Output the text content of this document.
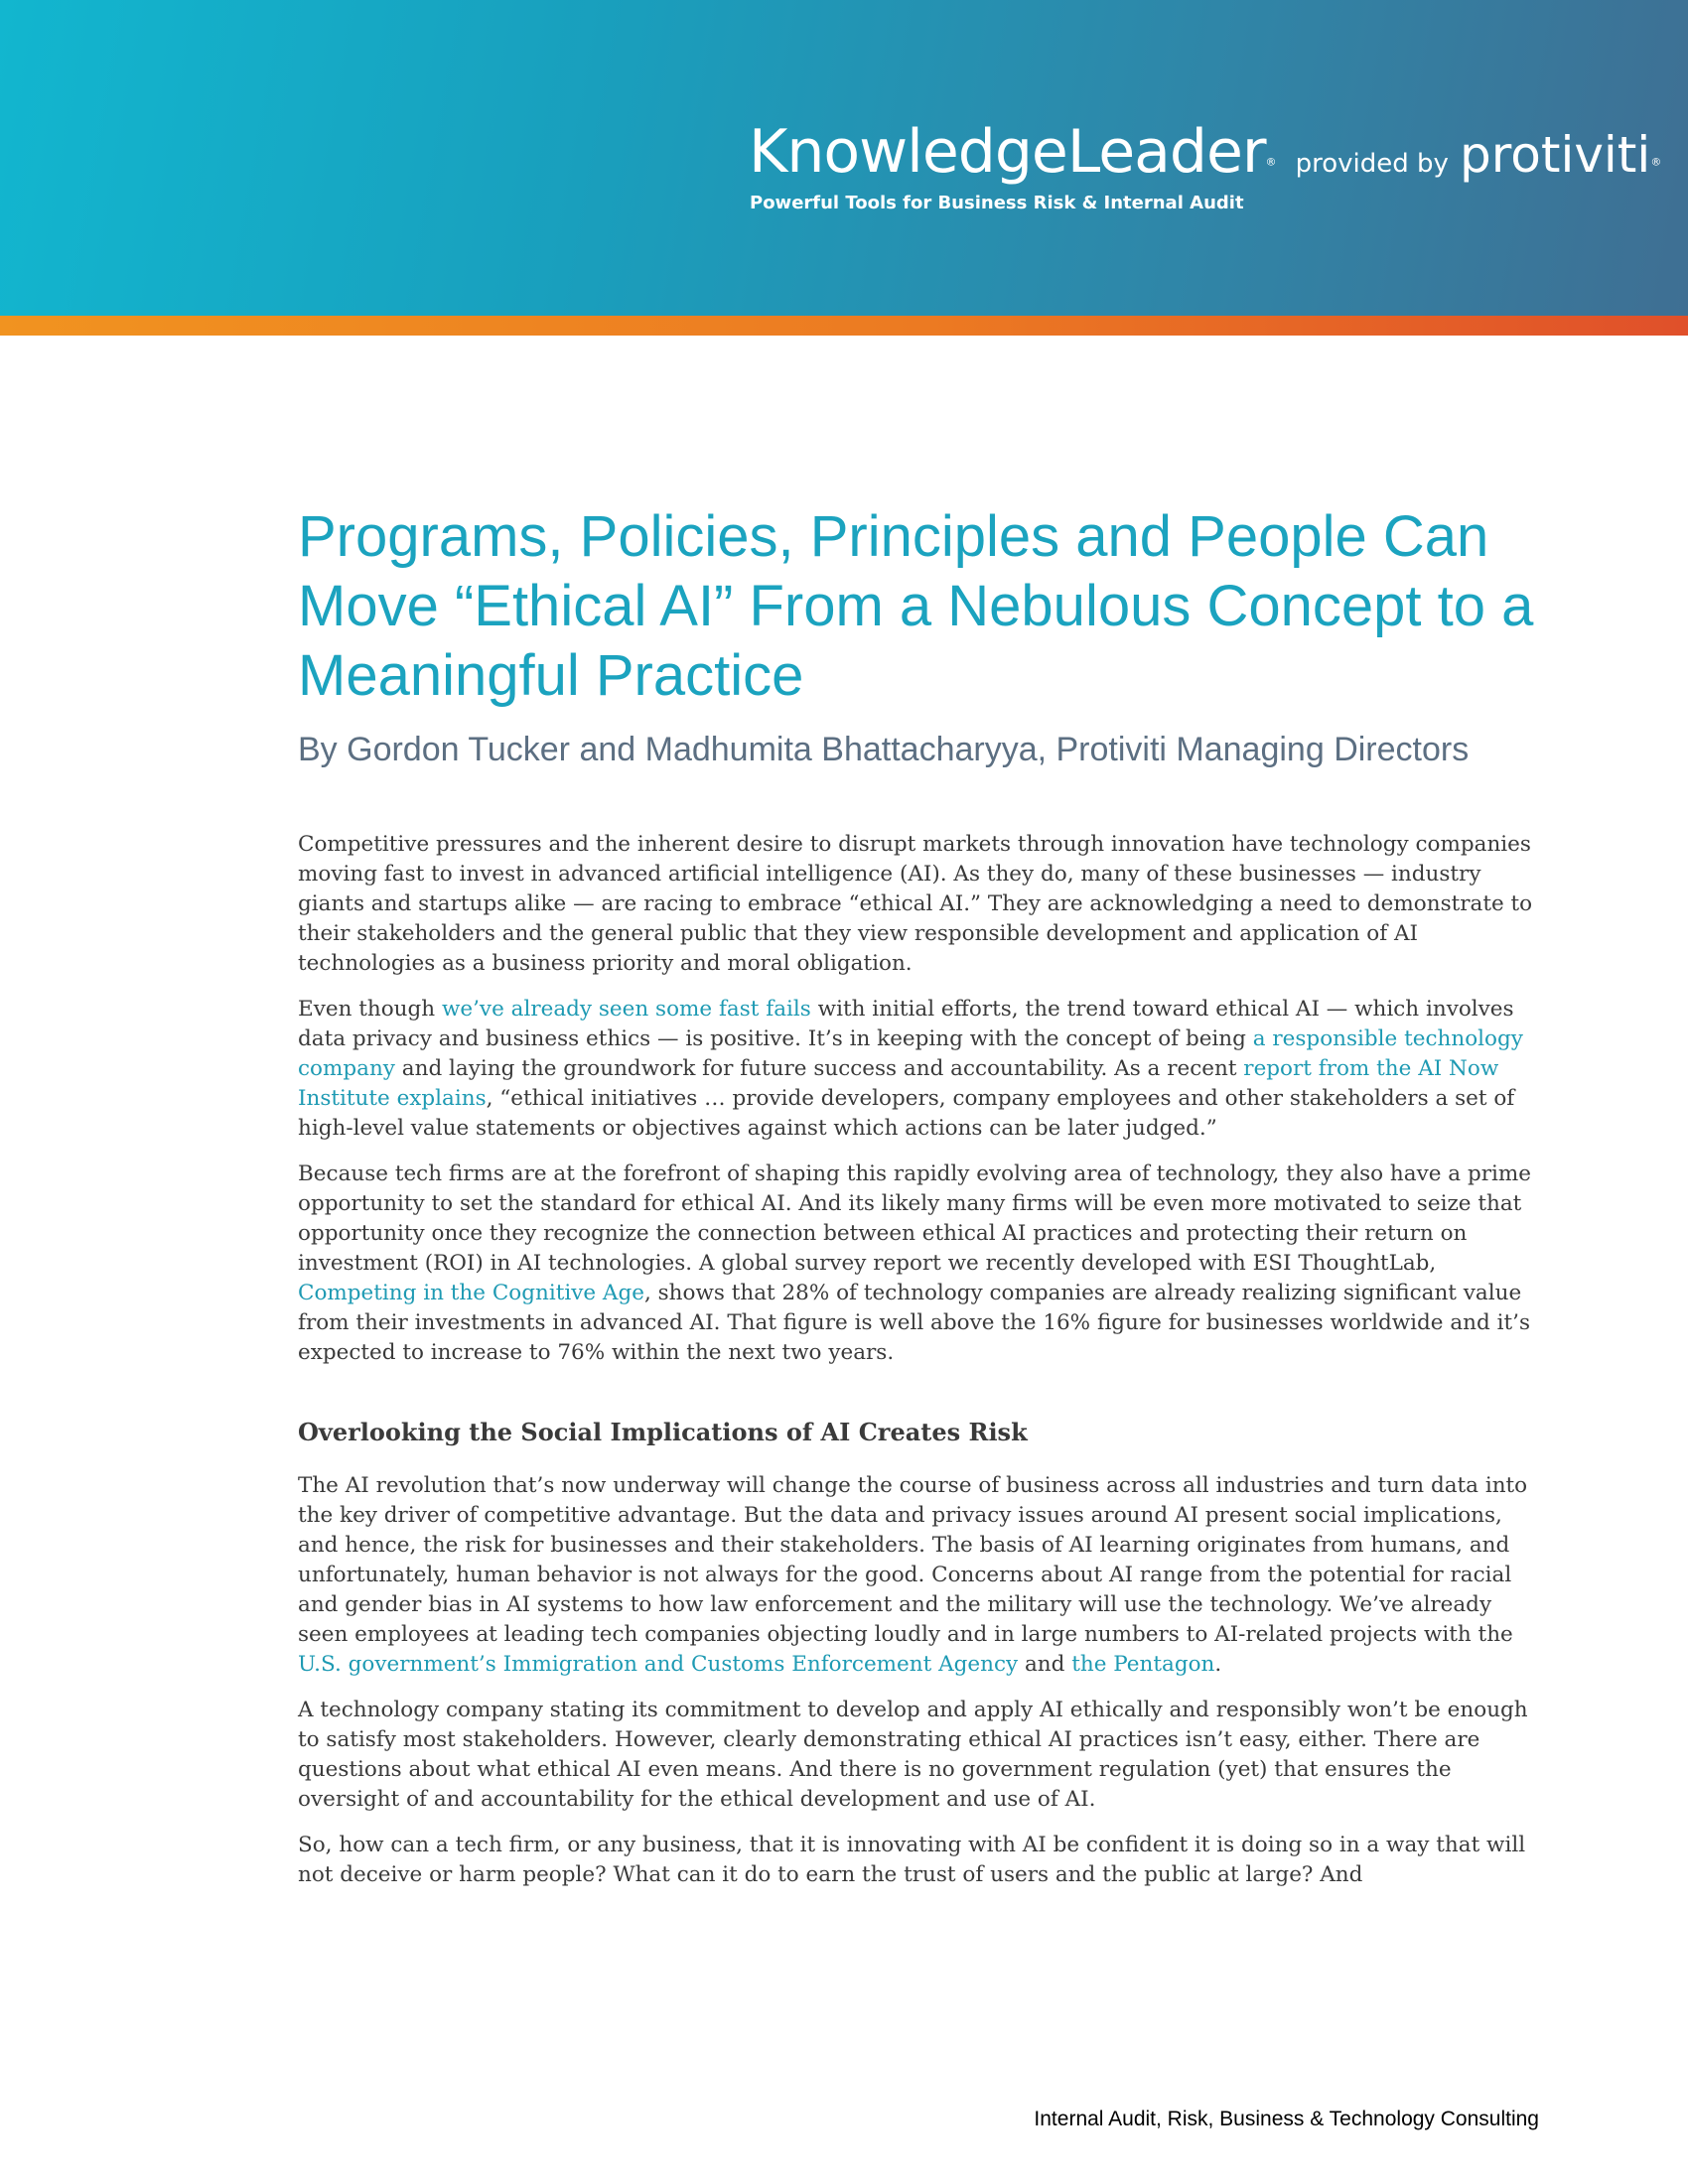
KnowledgeLeader® provided by protiviti®
Powerful Tools for Business Risk & Internal Audit
Programs, Policies, Principles and People Can Move “Ethical AI” From a Nebulous Concept to a Meaningful Practice

By Gordon Tucker and Madhumita Bhattacharyya, Protiviti Managing Directors

Competitive pressures and the inherent desire to disrupt markets through innovation have technology companies moving fast to invest in advanced artificial intelligence (AI). As they do, many of these businesses — industry giants and startups alike — are racing to embrace “ethical AI.” They are acknowledging a need to demonstrate to their stakeholders and the general public that they view responsible development and application of AI technologies as a business priority and moral obligation.

Even though we’ve already seen some fast fails with initial efforts, the trend toward ethical AI — which involves data privacy and business ethics — is positive. It’s in keeping with the concept of being a responsible technology company and laying the groundwork for future success and accountability. As a recent report from the AI Now Institute explains, “ethical initiatives … provide developers, company employees and other stakeholders a set of high-level value statements or objectives against which actions can be later judged.”

Because tech firms are at the forefront of shaping this rapidly evolving area of technology, they also have a prime opportunity to set the standard for ethical AI. And its likely many firms will be even more motivated to seize that opportunity once they recognize the connection between ethical AI practices and protecting their return on investment (ROI) in AI technologies. A global survey report we recently developed with ESI ThoughtLab, Competing in the Cognitive Age, shows that 28% of technology companies are already realizing significant value from their investments in advanced AI. That figure is well above the 16% figure for businesses worldwide and it’s expected to increase to 76% within the next two years.

Overlooking the Social Implications of AI Creates Risk

The AI revolution that’s now underway will change the course of business across all industries and turn data into the key driver of competitive advantage. But the data and privacy issues around AI present social implications, and hence, the risk for businesses and their stakeholders. The basis of AI learning originates from humans, and unfortunately, human behavior is not always for the good. Concerns about AI range from the potential for racial and gender bias in AI systems to how law enforcement and the military will use the technology. We’ve already seen employees at leading tech companies objecting loudly and in large numbers to AI-related projects with the U.S. government’s Immigration and Customs Enforcement Agency and the Pentagon.

A technology company stating its commitment to develop and apply AI ethically and responsibly won’t be enough to satisfy most stakeholders. However, clearly demonstrating ethical AI practices isn’t easy, either. There are questions about what ethical AI even means. And there is no government regulation (yet) that ensures the oversight of and accountability for the ethical development and use of AI.

So, how can a tech firm, or any business, that it is innovating with AI be confident it is doing so in a way that will not deceive or harm people? What can it do to earn the trust of users and the public at large? And

Internal Audit, Risk, Business & Technology Consulting
